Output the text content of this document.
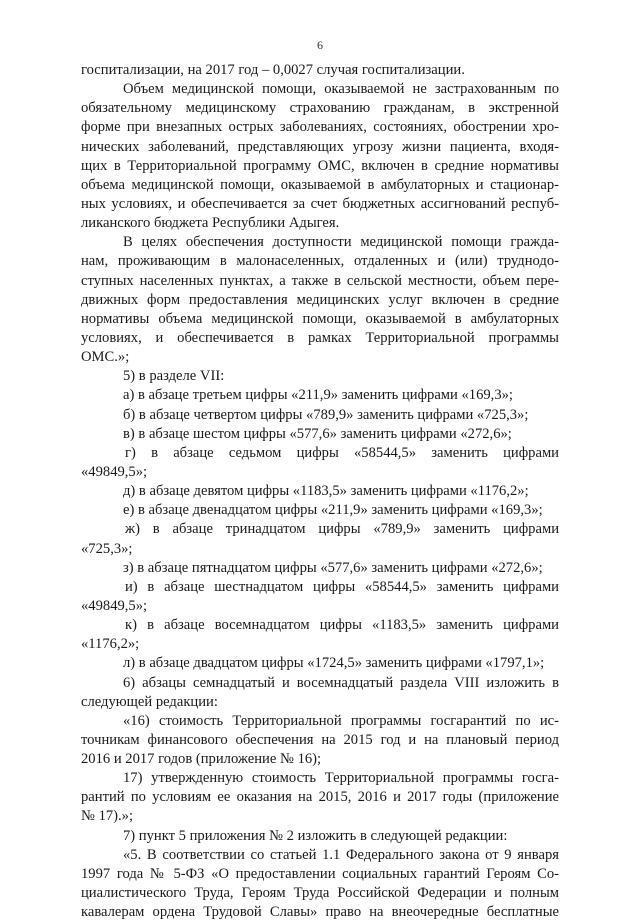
6
госпитализации, на 2017 год – 0,0027 случая госпитализации.
Объем медицинской помощи, оказываемой не застрахованным по
обязательному медицинскому страхованию гражданам, в экстренной
форме при внезапных острых заболеваниях, состояниях, обострении хро-
нических заболеваний, представляющих угрозу жизни пациента, входя-
щих в Территориальной программу ОМС, включен в средние нормативы
объема медицинской помощи, оказываемой в амбулаторных и стационар-
ных условиях, и обеспечивается за счет бюджетных ассигнований респуб-
ликанского бюджета Республики Адыгея.
В целях обеспечения доступности медицинской помощи гражда-
нам, проживающим в малонаселенных, отдаленных и (или) труднодо-
ступных населенных пунктах, а также в сельской местности, объем пере-
движных форм предоставления медицинских услуг включен в средние
нормативы объема медицинской помощи, оказываемой в амбулаторных
условиях, и обеспечивается в рамках Территориальной программы
ОМС.»;
5) в разделе VII:
а) в абзаце третьем цифры «211,9» заменить цифрами «169,3»;
б) в абзаце четвертом цифры «789,9» заменить цифрами «725,3»;
в) в абзаце шестом цифры «577,6» заменить цифрами «272,6»;
г) в абзаце седьмом цифры «58544,5» заменить цифрами
«49849,5»;
д) в абзаце девятом цифры «1183,5» заменить цифрами «1176,2»;
е) в абзаце двенадцатом цифры «211,9» заменить цифрами «169,3»;
ж) в абзаце тринадцатом цифры «789,9» заменить цифрами
«725,3»;
з) в абзаце пятнадцатом цифры «577,6» заменить цифрами «272,6»;
и) в абзаце шестнадцатом цифры «58544,5» заменить цифрами
«49849,5»;
к) в абзаце восемнадцатом цифры «1183,5» заменить цифрами
«1176,2»;
л) в абзаце двадцатом цифры «1724,5» заменить цифрами «1797,1»;
6) абзацы семнадцатый и восемнадцатый раздела VIII изложить в
следующей редакции:
«16) стоимость Территориальной программы госгарантий по ис-
точникам финансового обеспечения на 2015 год и на плановый период
2016 и 2017 годов (приложение № 16);
17) утвержденную стоимость Территориальной программы госга-
рантий по условиям ее оказания на 2015, 2016 и 2017 годы (приложение
№ 17).»;
7) пункт 5 приложения № 2 изложить в следующей редакции:
«5. В соответствии со статьей 1.1 Федерального закона от 9 января
1997 года № 5-ФЗ «О предоставлении социальных гарантий Героям Со-
циалистического Труда, Героям Труда Российской Федерации и полным
кавалерам ордена Трудовой Славы» право на внеочередные бесплатные
